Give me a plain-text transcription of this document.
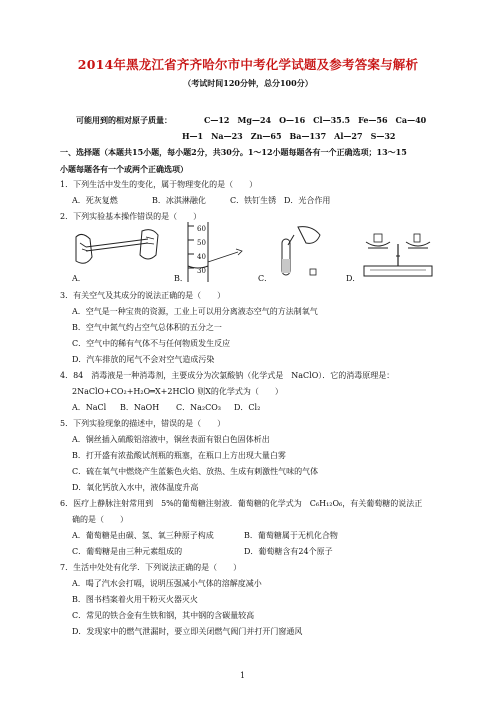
2014年黑龙江省齐齐哈尔市中考化学试题及参考答案与解析
（考试时间120分钟，总分100分）
可能用到的相对原子质量：	C—12　Mg—24　O—16　Cl—35.5　Fe—56　Ca—40
H—1　Na—23　Zn—65　Ba—137　Al—27　S—32
一、选择题（本题共15小题，每小题2分，共30分。1～12小题每题各有一个正确选项；13～15
小题每题各有一个或两个正确选项）
1．下列生活中发生的变化，属于物理变化的是（　　）
A．死灰复燃	B．冰淇淋融化	C．铁钉生锈 D．光合作用
2．下列实验基本操作错误的是（　　）
A．
60
50
40
30
B．	C．	D．
3．有关空气及其成分的说法正确的是（　　）
A．空气是一种宝贵的资源，工业上可以用分离液态空气的方法制氧气
B．空气中氮气约占空气总体积的五分之一
C．空气中的稀有气体不与任何物质发生反应
D．汽车排放的尾气不会对空气造成污染
4．84　消毒液是一种消毒剂，主要成分为次氯酸钠（化学式是　NaClO）．它的消毒原理是：
2NaClO+CO₂+H₂O═X+2HClO 则X的化学式为（　　）
A．NaCl B．NaOH C．Na₂CO₃ D．Cl₂
5．下列实验现象的描述中，错误的是（　　）
A．铜丝插入硫酸铝溶液中，铜丝表面有银白色固体析出
B．打开盛有浓盐酸试剂瓶的瓶塞，在瓶口上方出现大量白雾
C．硫在氧气中燃烧产生蓝紫色火焰、放热、生成有刺激性气味的气体
D．氧化钙放入水中，液体温度升高
6．医疗上静脉注射常用到　5%的葡萄糖注射液．葡萄糖的化学式为　C₆H₁₂O₆，有关葡萄糖的说法正
确的是（　　）
A．葡萄糖是由碳、氢、氧三种原子构成	B．葡萄糖属于无机化合物
C．葡萄糖是由三种元素组成的	D．葡萄糖含有24个原子
7．生活中处处有化学．下列说法正确的是（　　）
A．喝了汽水会打嗝，说明压强减小气体的溶解度减小
B．图书档案着火用干粉灭火器灭火
C．常见的铁合金有生铁和钢，其中钢的含碳量较高
D．发现家中的燃气泄漏时，要立即关闭燃气阀门并打开门窗通风
1
